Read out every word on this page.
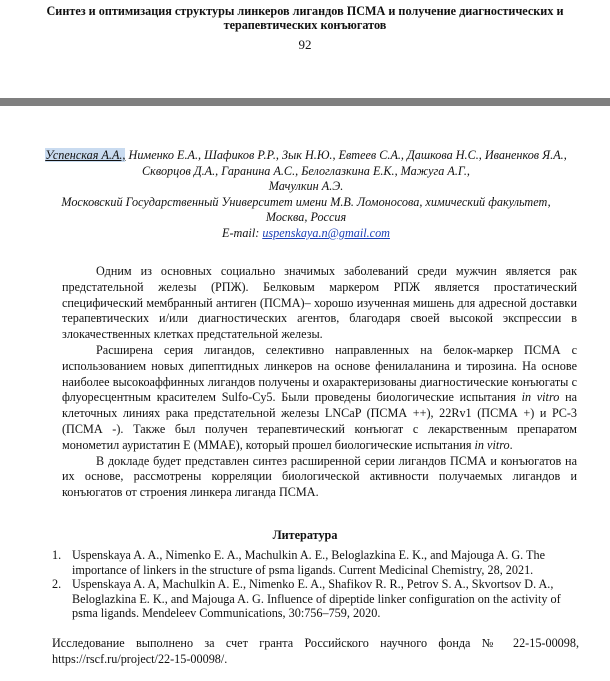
Синтез и оптимизация структуры линкеров лигандов ПСМА и получение диагностических и терапевтических конъюгатов
92
Успенская А.А., Нименко Е.А., Шафиков Р.Р., Зык Н.Ю., Евтеев С.А., Дашкова Н.С., Иваненков Я.А.,
Скворцов Д.А., Гаранина А.С., Белоглазкина Е.К., Мажуга А.Г.,
Мачулкин А.Э.
Московский Государственный Университет имени М.В. Ломоносова, химический факультет,
Москва, Россия
E-mail: uspenskaya.n@gmail.com

Одним из основных социально значимых заболеваний среди мужчин является рак предстательной железы (РПЖ). Белковым маркером РПЖ является простатический специфический мембранный антиген (ПСМА)– хорошо изученная мишень для адресной доставки терапевтических и/или диагностических агентов, благодаря своей высокой экспрессии в злокачественных клетках предстательной железы.

Расширена серия лигандов, селективно направленных на белок-маркер ПСМА с использованием новых дипептидных линкеров на основе фенилаланина и тирозина. На основе наиболее высокоаффинных лигандов получены и охарактеризованы диагностические конъюгаты с флуоресцентным красителем Sulfo-Cy5. Были проведены биологические испытания in vitro на клеточных линиях рака предстательной железы LNCaP (ПСМА ++), 22Rv1 (ПСМА +) и PC-3 (ПСМА -). Также был получен терапевтический конъюгат с лекарственным препаратом монометил ауристатин Е (MMAE), который прошел биологические испытания in vitro.

В докладе будет представлен синтез расширенной серии лигандов ПСМА и конъюгатов на их основе, рассмотрены корреляции биологической активности получаемых лигандов и конъюгатов от строения линкера лиганда ПСМА.

Литература
1. Uspenskaya A. A., Nimenko E. A., Machulkin A. E., Beloglazkina E. K., and Majouga A. G. The importance of linkers in the structure of psma ligands. Current Medicinal Chemistry, 28, 2021.
2. Uspenskaya A. A, Machulkin A. E., Nimenko E. A., Shafikov R. R., Petrov S. A., Skvortsov D. A., Beloglazkina E. K., and Majouga A. G. Influence of dipeptide linker configuration on the activity of psma ligands. Mendeleev Communications, 30:756–759, 2020.
Исследование выполнено за счет гранта Российского научного фонда № 22-15-00098, https://rscf.ru/project/22-15-00098/.
